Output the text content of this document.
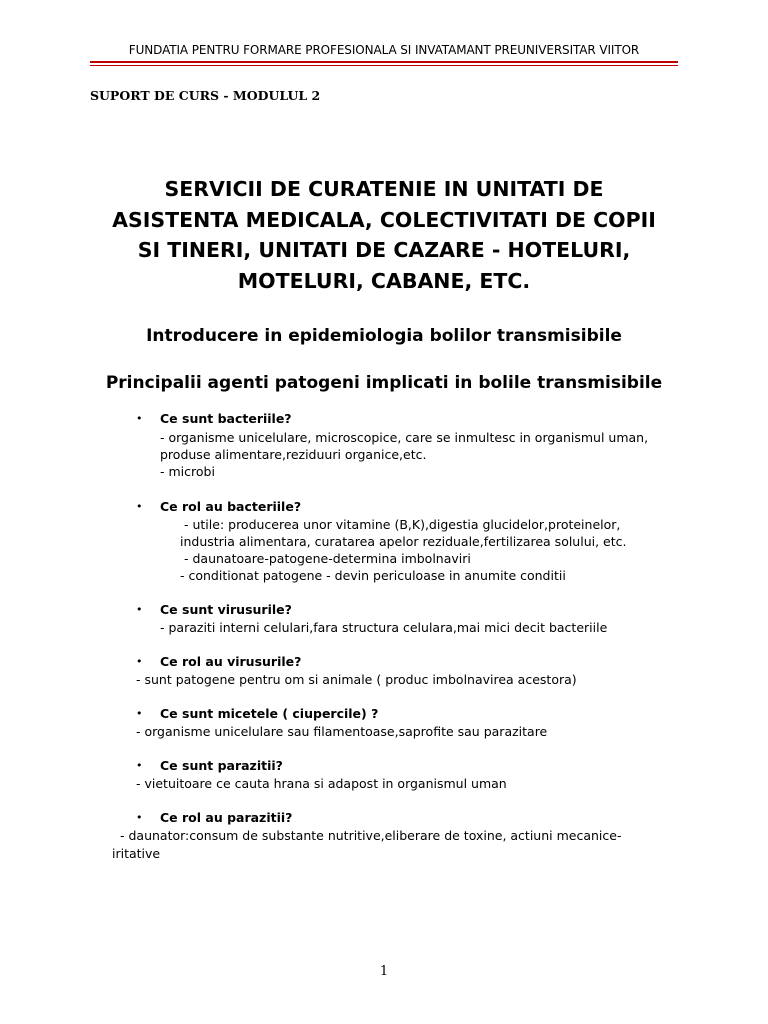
FUNDATIA PENTRU FORMARE PROFESIONALA SI INVATAMANT PREUNIVERSITAR VIITOR
SUPORT DE CURS - MODULUL 2
SERVICII DE CURATENIE IN UNITATI DE
ASISTENTA MEDICALA, COLECTIVITATI DE COPII
SI TINERI, UNITATI DE CAZARE - HOTELURI,
MOTELURI, CABANE, ETC.
Introducere in epidemiologia bolilor transmisibile
Principalii agenti patogeni implicati in bolile transmisibile
• Ce sunt bacteriile?
- organisme unicelulare, microscopice, care se inmultesc in organismul uman,
produse alimentare,reziduuri organice,etc.
- microbi
• Ce rol au bacteriile?
- utile: producerea unor vitamine (B,K),digestia glucidelor,proteinelor,
industria alimentara, curatarea apelor reziduale,fertilizarea solului, etc.
- daunatoare-patogene-determina imbolnaviri
- conditionat patogene - devin periculoase in anumite conditii
• Ce sunt virusurile?
- paraziti interni celulari,fara structura celulara,mai mici decit bacteriile
• Ce rol au virusurile?
- sunt patogene pentru om si animale ( produc imbolnavirea acestora)
• Ce sunt micetele ( ciupercile) ?
- organisme unicelulare sau filamentoase,saprofite sau parazitare
• Ce sunt parazitii?
- vietuitoare ce cauta hrana si adapost in organismul uman
• Ce rol au parazitii?
- daunator:consum de substante nutritive,eliberare de toxine, actiuni mecanice-
iritative
1
